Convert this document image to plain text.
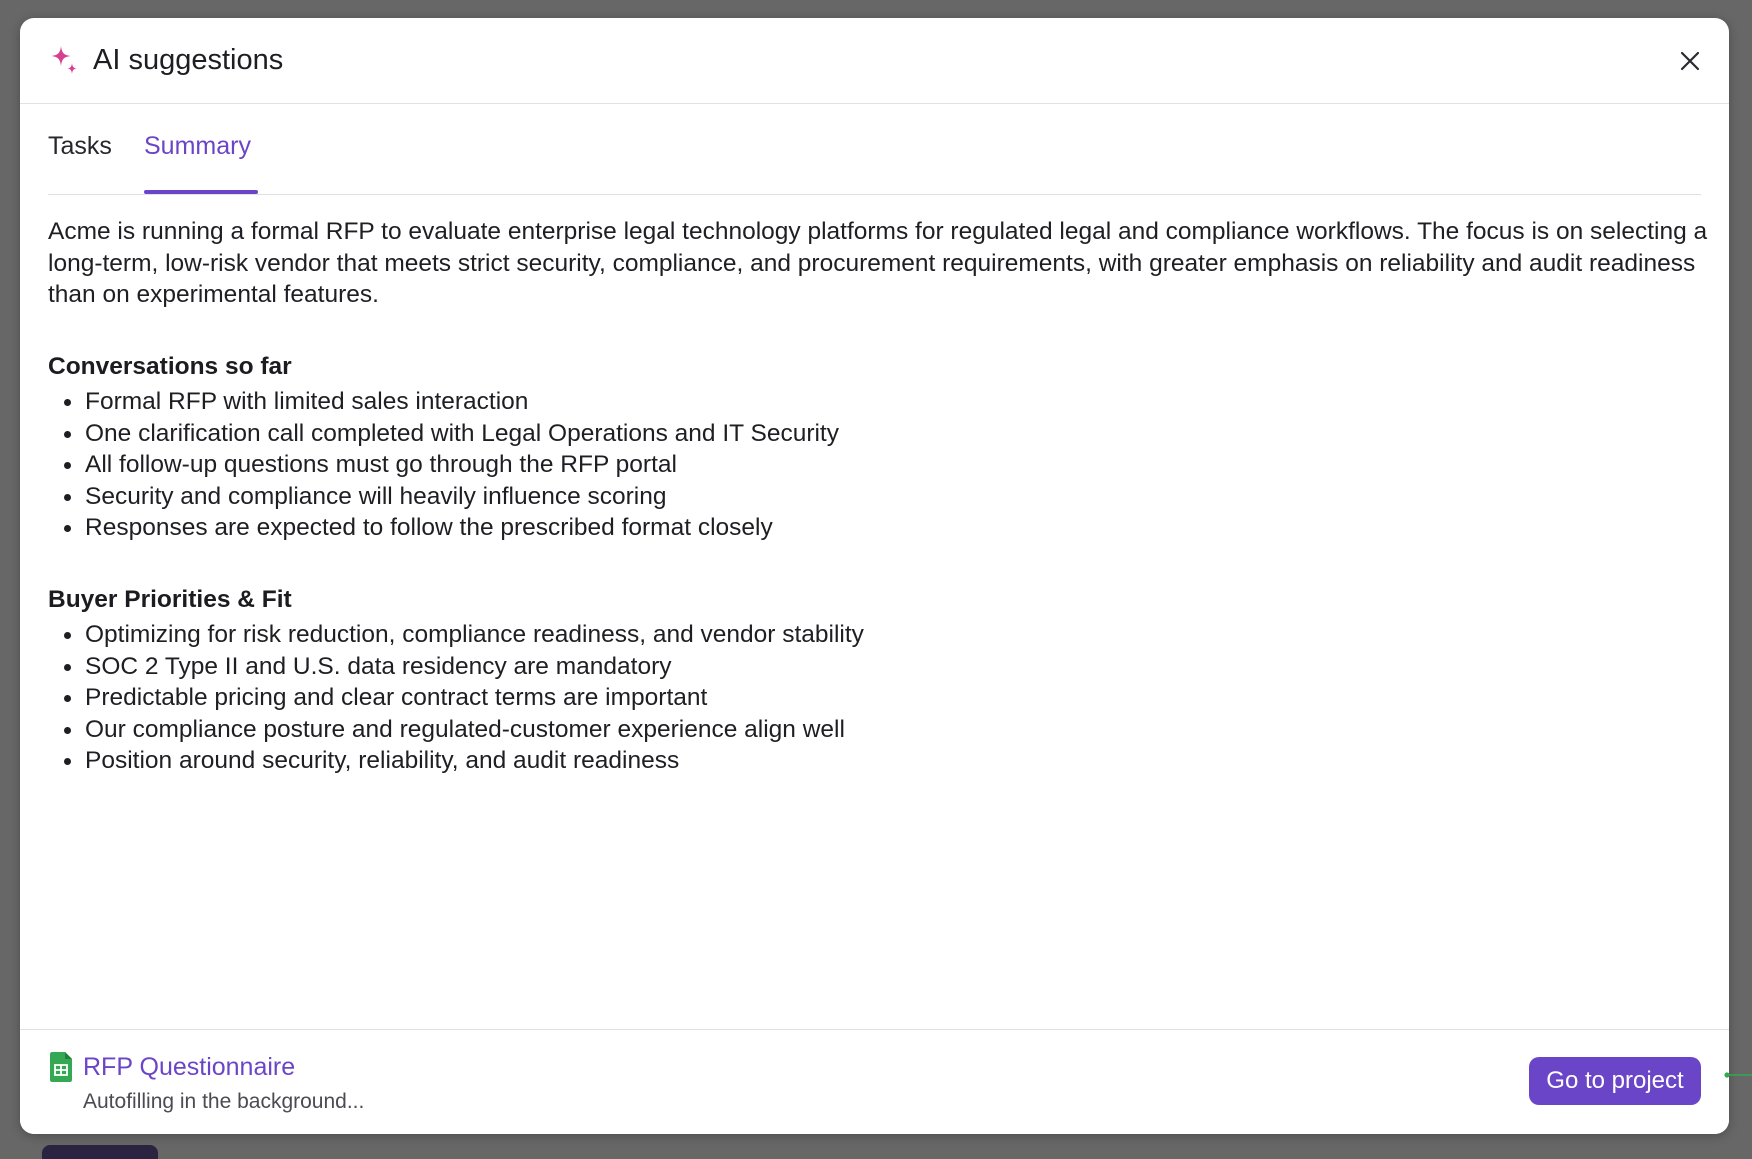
AI suggestions
Tasks Summary

Acme is running a formal RFP to evaluate enterprise legal technology platforms for regulated legal and compliance workflows. The focus is on selecting a long-term, low-risk vendor that meets strict security, compliance, and procurement requirements, with greater emphasis on reliability and audit readiness than on experimental features.

Conversations so far
Formal RFP with limited sales interaction
One clarification call completed with Legal Operations and IT Security
All follow-up questions must go through the RFP portal
Security and compliance will heavily influence scoring
Responses are expected to follow the prescribed format closely
Buyer Priorities & Fit
Optimizing for risk reduction, compliance readiness, and vendor stability
SOC 2 Type II and U.S. data residency are mandatory
Predictable pricing and clear contract terms are important
Our compliance posture and regulated-customer experience align well
Position around security, reliability, and audit readiness
RFP Questionnaire
Autofilling in the background...
Go to project
